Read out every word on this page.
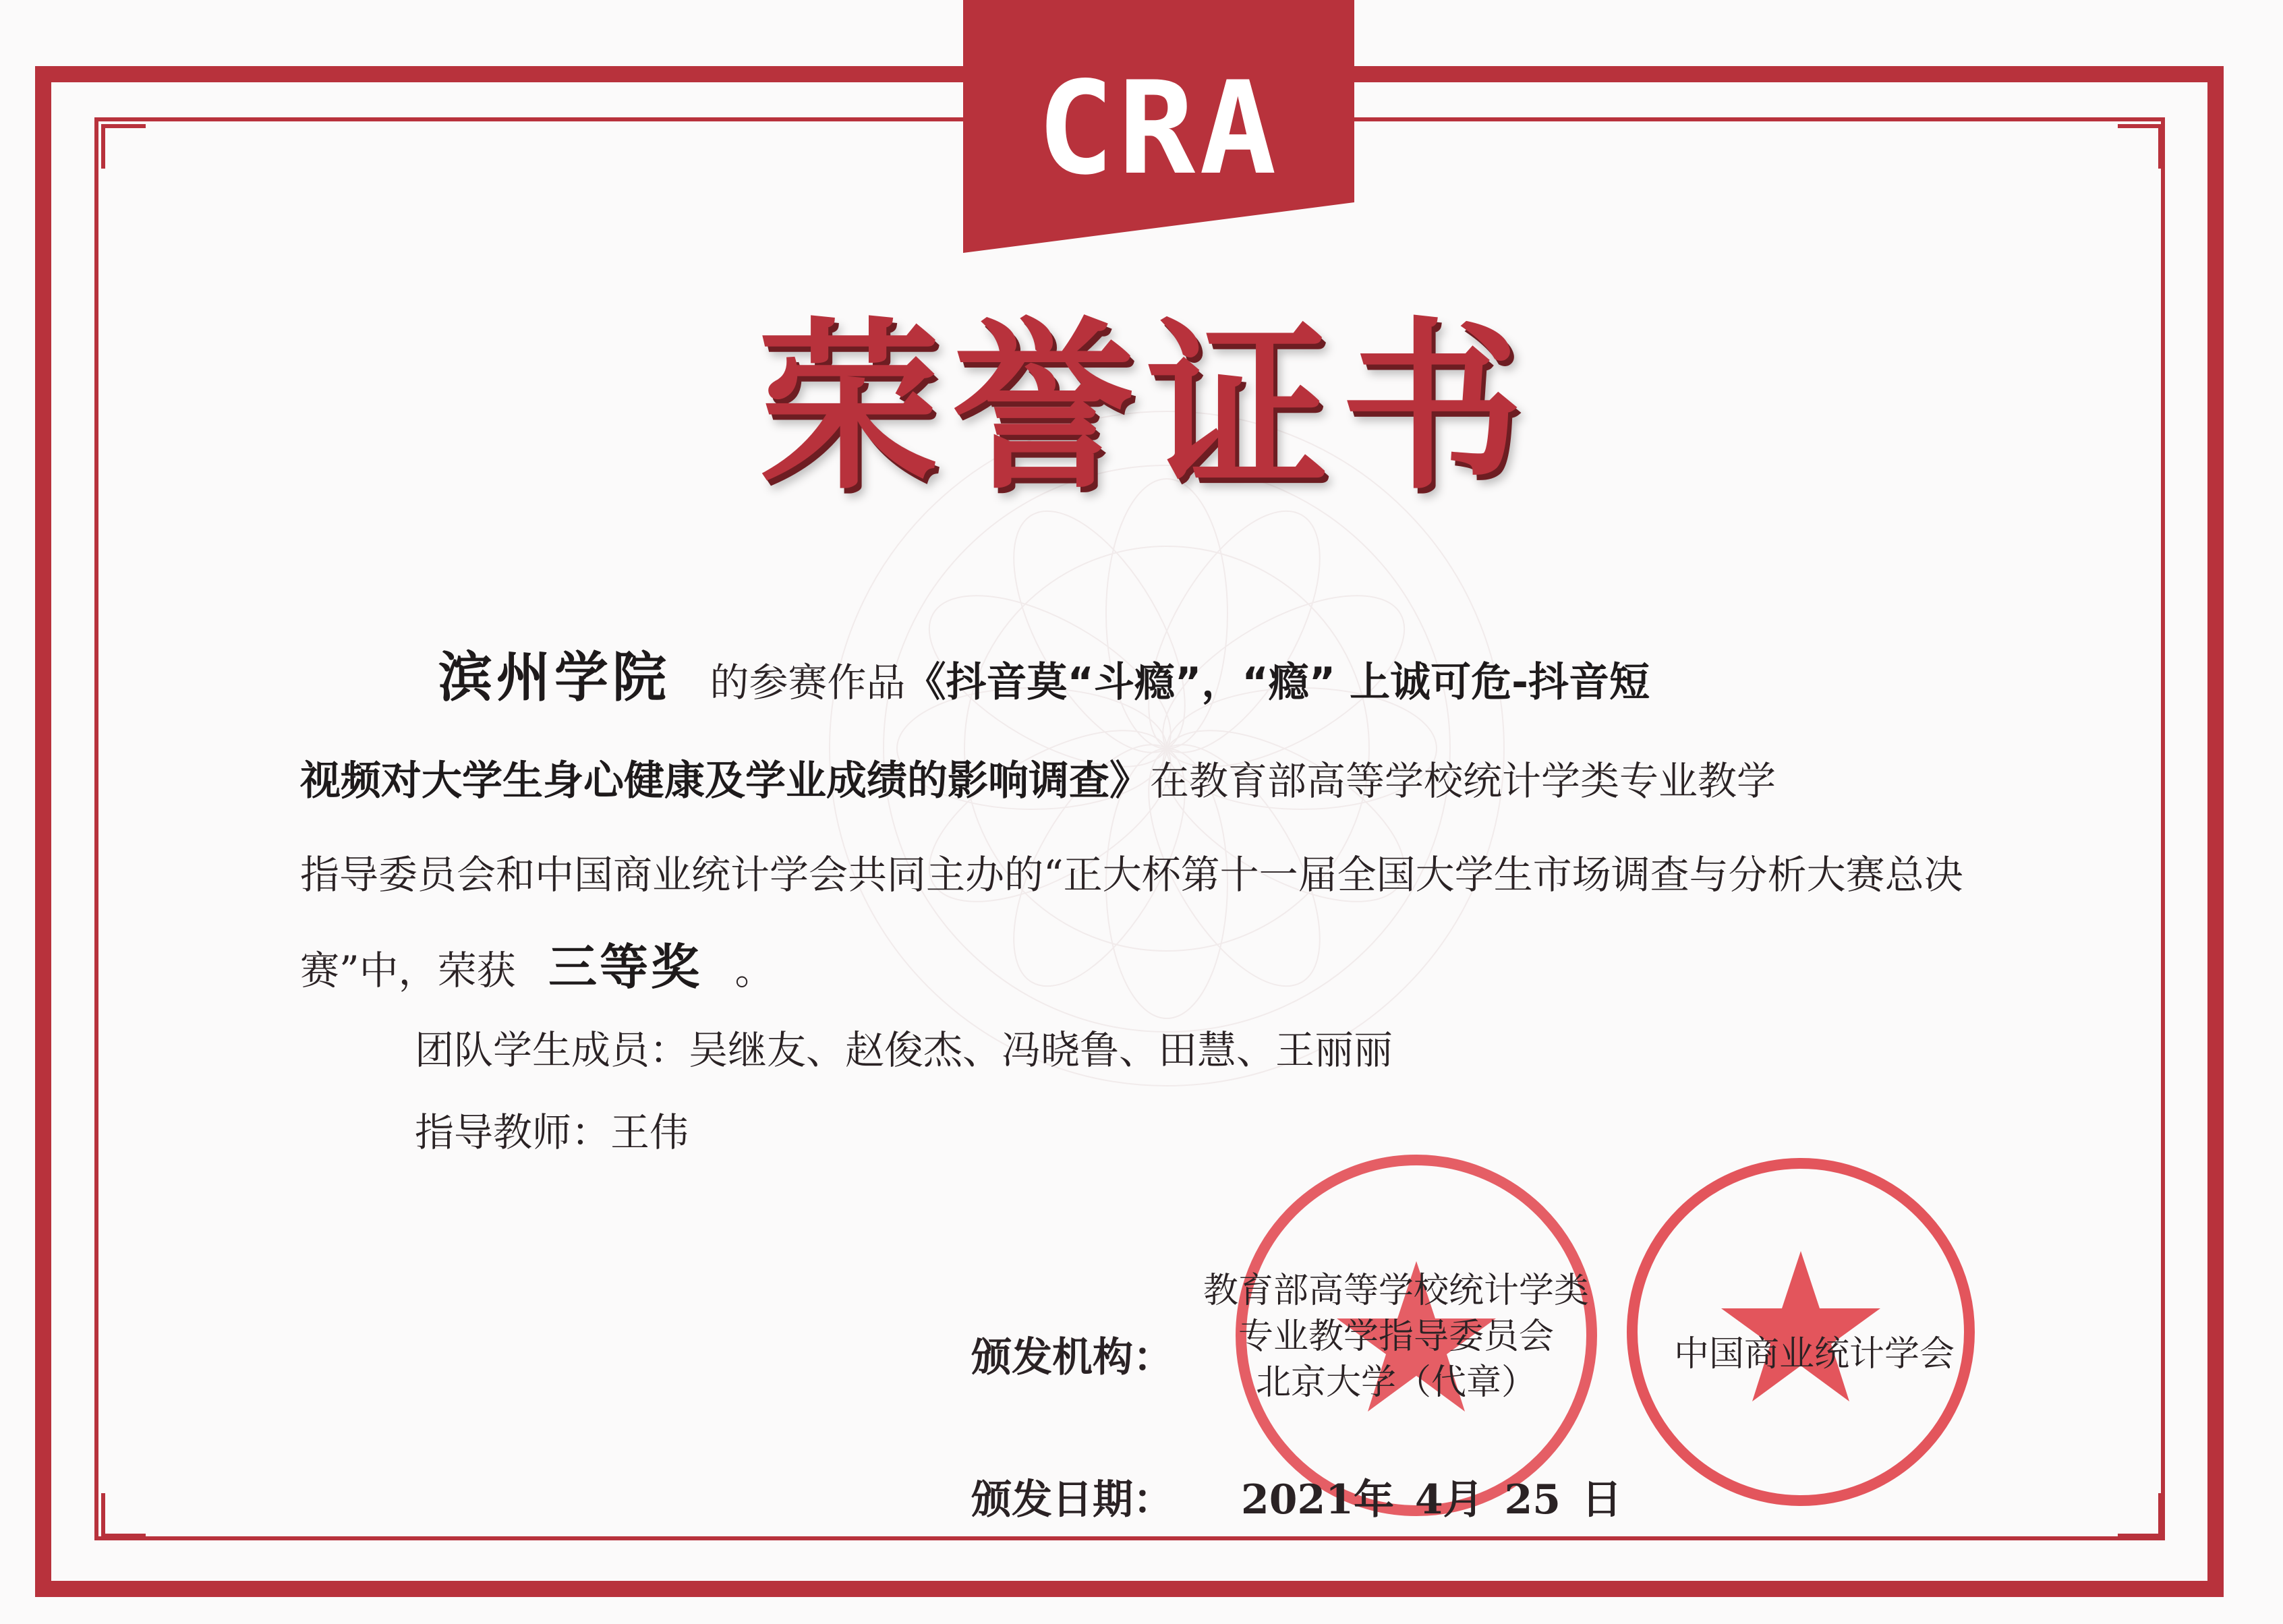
CRA
荣誉证书
滨州学院 的参赛作品《抖音莫“斗瘾”，“瘾” 上诚可危-抖音短
视频对大学生身心健康及学业成绩的影响调查》在教育部高等学校统计学类专业教学
指导委员会和中国商业统计学会共同主办的“正大杯第十一届全国大学生市场调查与分析大赛总决
赛”中，荣获 三等奖 。
团队学生成员：吴继友、赵俊杰、冯晓鲁、田慧、王丽丽
指导教师：王伟
颁发机构：
教育部高等学校统计学类
专业教学指导委员会
北京大学（代章）
中国商业统计学会
颁发日期： 2021年 4月 25 日
